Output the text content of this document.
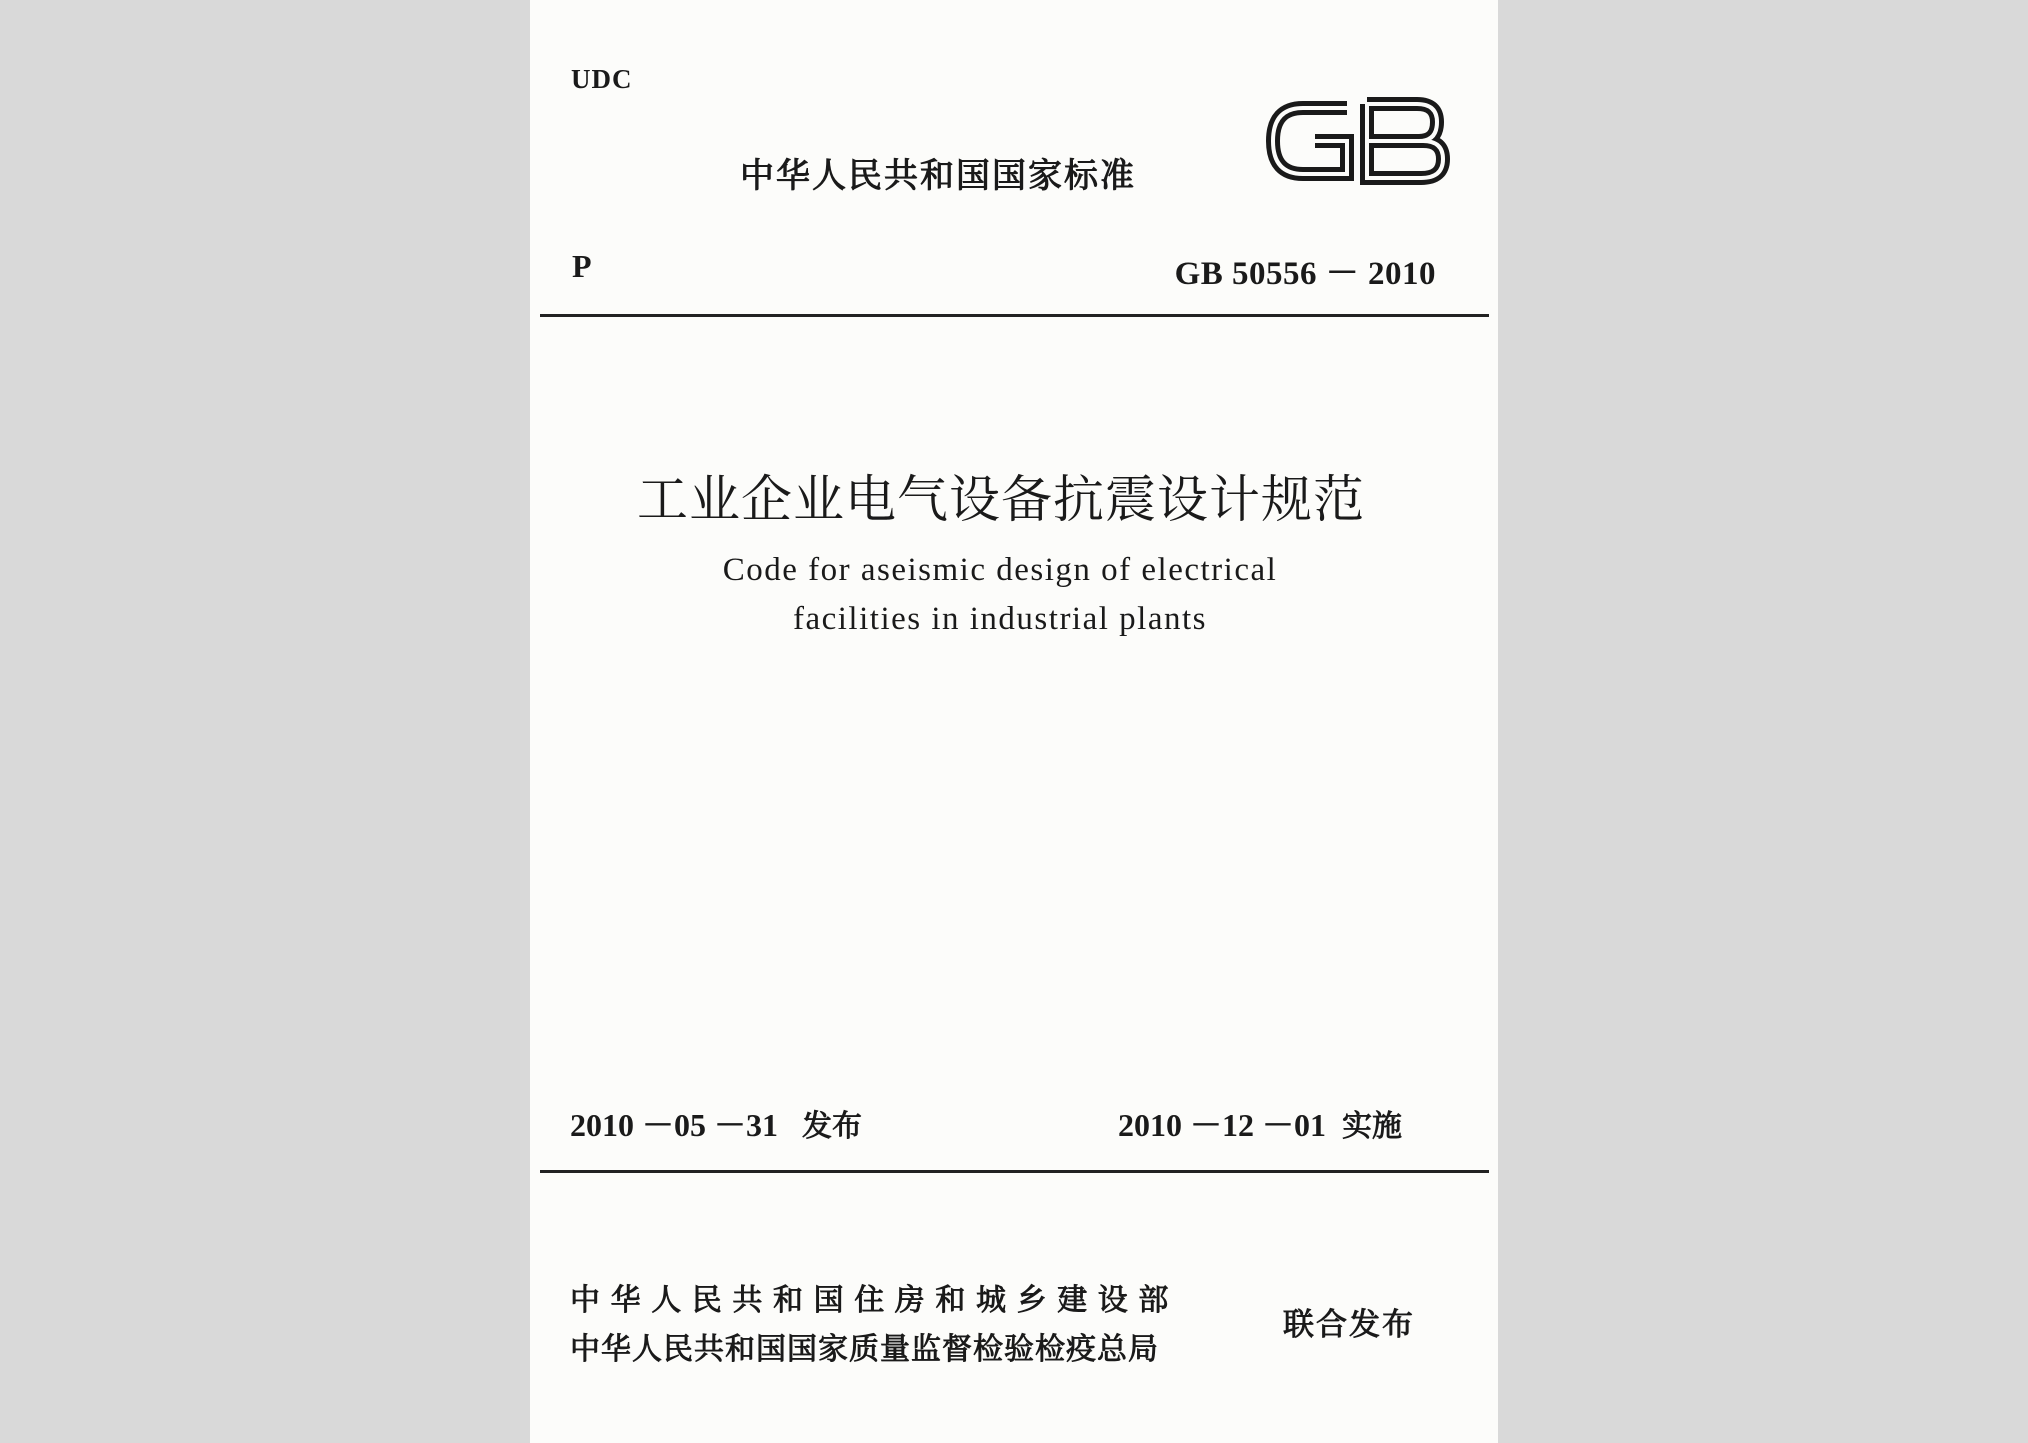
UDC
中华人民共和国国家标准
P	GB 50556 － 2010
工业企业电气设备抗震设计规范
Code for aseismic design of electrical
facilities in industrial plants
2010 －05 －31 发布	2010 －12 －01 实施
中华人民共和国住房和城乡建设部
中华人民共和国国家质量监督检验检疫总局
联合发布
